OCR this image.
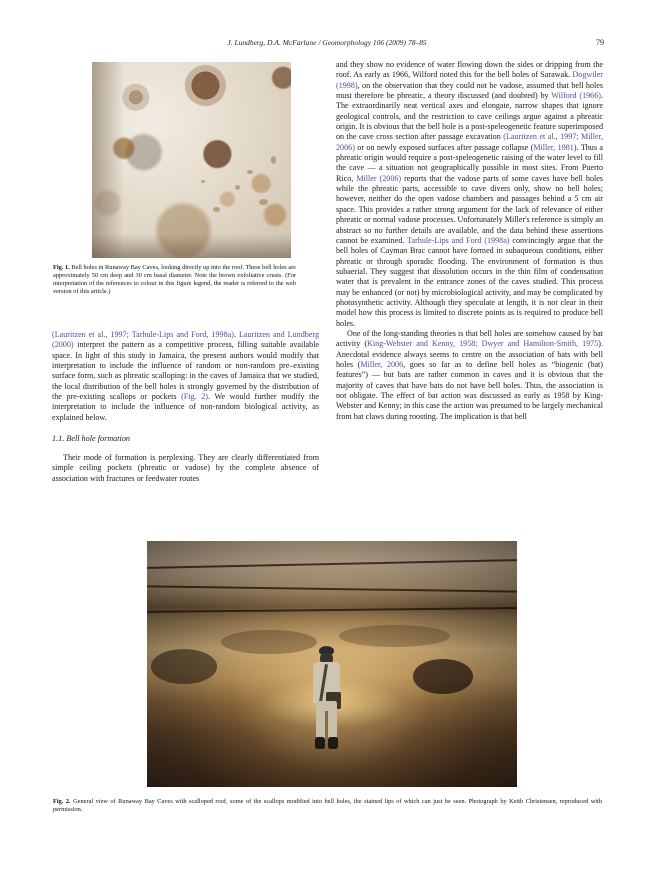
J. Lundberg, D.A. McFarlane / Geomorphology 106 (2009) 78–85	79
Fig. 1. Bell holes in Runaway Bay Caves, looking directly up into the roof. These bell holes are approximately 50 cm deep and 30 cm basal diameter. Note the brown exfoliative crusts. (For interpretation of the references to colour in this figure legend, the reader is referred to the web version of this article.)

(Lauritzen et al., 1997; Tarhule-Lips and Ford, 1998a). Lauritzen and Lundberg (2000) interpret the pattern as a competitive process, filling suitable available space. In light of this study in Jamaica, the present authors would modify that interpretation to include the influence of random or non-random pre–existing surface form, such as phreatic scalloping: in the caves of Jamaica that we studied, the local distribution of the bell holes is strongly governed by the distribution of the pre-existing scallops or pockets (Fig. 2). We would further modify the interpretation to include the influence of non-random biological activity, as explained below.

1.1. Bell hole formation

Their mode of formation is perplexing. They are clearly differentiated from simple ceiling pockets (phreatic or vadose) by the complete absence of association with fractures or feedwater routes

and they show no evidence of water flowing down the sides or dripping from the roof. As early as 1966, Wilford noted this for the bell holes of Sarawak. Dogwiler (1998), on the observation that they could not be vadose, assumed that bell holes must therefore be phreatic, a theory discussed (and doubted) by Wilford (1966). The extraordinarily neat vertical axes and elongate, narrow shapes that ignore geological controls, and the restriction to cave ceilings argue against a phreatic origin. It is obvious that the bell hole is a post-speleogenetic feature superimposed on the cave cross section after passage excavation (Lauritzen et al., 1997; Miller, 2006) or on newly exposed surfaces after passage collapse (Miller, 1981). Thus a phreatic origin would require a post-speleogenetic raising of the water level to fill the cave — a situation not geographically possible in most sites. From Puerto Rico, Miller (2006) reports that the vadose parts of some caves have bell holes while the phreatic parts, accessible to cave divers only, show no bell holes; however, neither do the open vadose chambers and passages behind a 5 cm air space. This provides a rather strong argument for the lack of relevance of either phreatic or normal vadose processes. Unfortunately Miller's reference is simply an abstract so no further details are available, and the data behind these assertions cannot be examined. Tarhule-Lips and Ford (1998a) convincingly argue that the bell holes of Cayman Brac cannot have formed in subaqueous conditions, either phreatic or through sporadic flooding. The environment of formation is thus subaerial. They suggest that dissolution occurs in the thin film of condensation water that is prevalent in the entrance zones of the caves studied. This process may be enhanced (or not) by microbiological activity, and may be complicated by photosynthetic activity. Although they speculate at length, it is not clear in their model how this process is limited to discrete points as is required to produce bell holes.

One of the long-standing theories is that bell holes are somehow caused by bat activity (King-Webster and Kenny, 1958; Dwyer and Hamilton-Smith, 1975). Anecdotal evidence always seems to centre on the association of bats with bell holes (Miller, 2006, goes so far as to define bell holes as “biogenic (bat) features”) — but bats are rather common in caves and it is obvious that the majority of caves that have bats do not have bell holes. Thus, the association is not obligate. The effect of bat action was discussed as early as 1958 by King-Webster and Kenny; in this case the action was presumed to be largely mechanical from bat claws during roosting. The implication is that bell

Fig. 2. General view of Runaway Bay Caves with scalloped roof, some of the scallops modified into bell holes, the stained lips of which can just be seen. Photograph by Keith Christensen, reproduced with permission.
